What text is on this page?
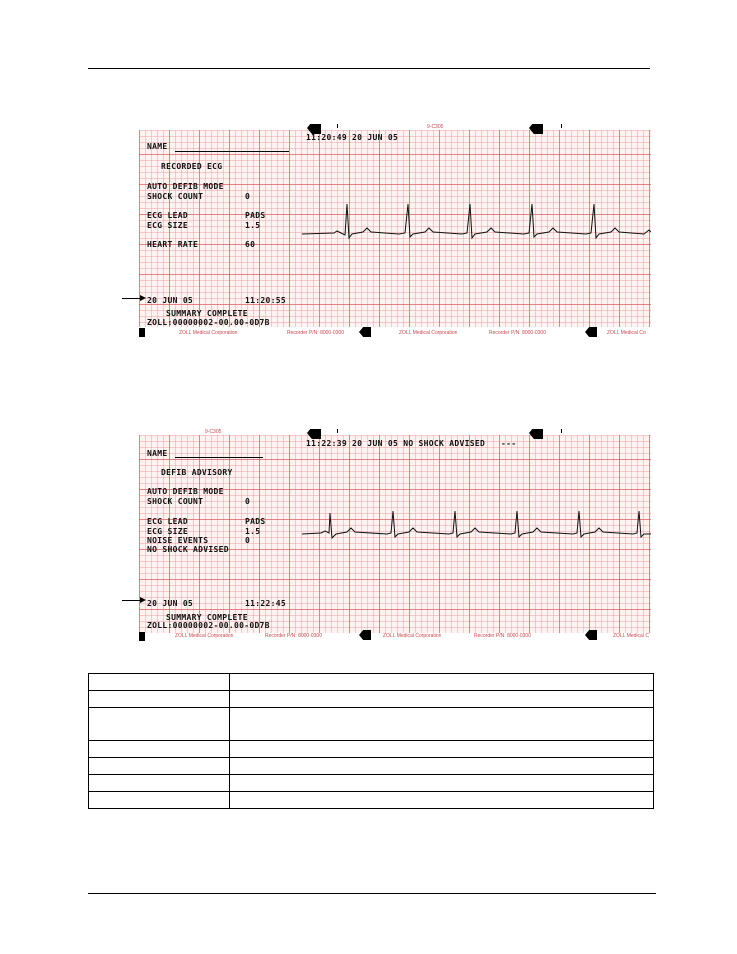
9-C305
11:20:49 20 JUN 05
NAME
RECORDED ECG
AUTO DEFIB MODE
SHOCK COUNT	0
ECG LEAD	PADS
ECG SIZE	1.5
HEART RATE	60
20 JUN 05	11:20:55
SUMMARY COMPLETE
ZOLL:00000002-00.00-0D7B
ZOLL Medical Corporation	Recorder P/N: 8000-0300	ZOLL Medical Corporation	Recorder P/N: 8000-0300	ZOLL Medical Co
9-C305
11:22:39 20 JUN 05 NO SHOCK ADVISED ---
NAME
DEFIB ADVISORY
AUTO DEFIB MODE
SHOCK COUNT	0
ECG LEAD	PADS
ECG SIZE	1.5
NOISE EVENTS	0
NO SHOCK ADVISED
20 JUN 05	11:22:45
SUMMARY COMPLETE
ZOLL:00000002-00.00-0D7B
ZOLL Medical Corporation	Recorder P/N: 8000-0300	ZOLL Medical Corporation	Recorder P/N: 8000-0300	ZOLL Medical C
